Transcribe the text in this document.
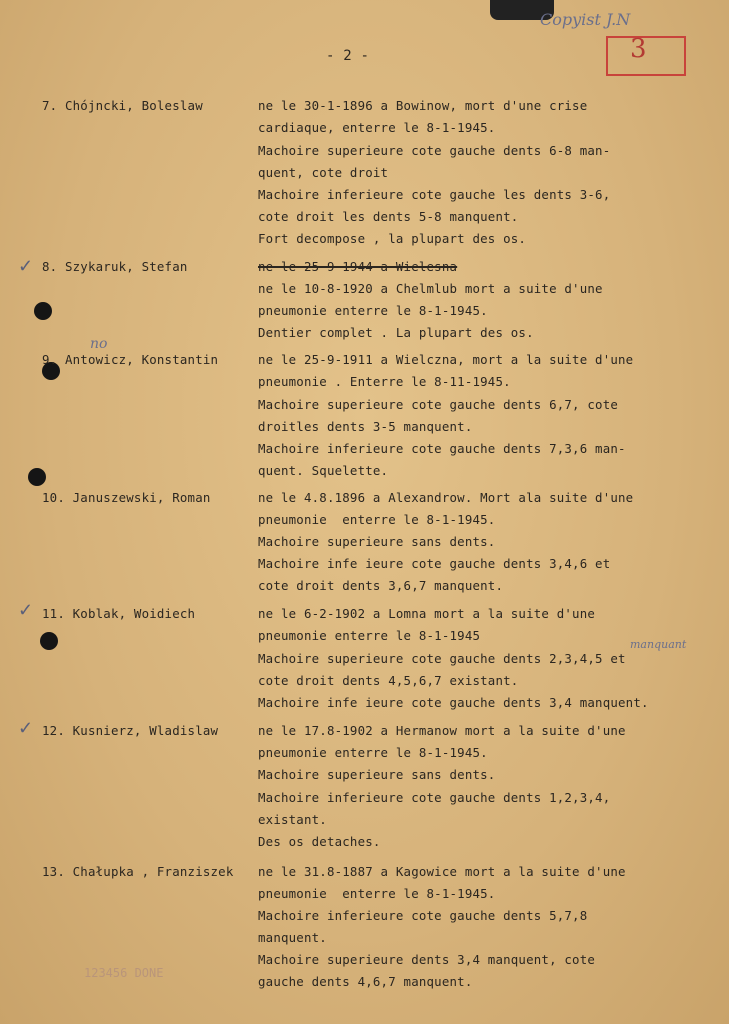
Copyist J.N
3
- 2 -
✓
✓
✓
no
manquant
7. Chójncki, Boleslaw	ne le 30-1-1896 a Bowinow, mort d'une crise
cardiaque, enterre le 8-1-1945.
Machoire superieure cote gauche dents 6-8 man-
quent, cote droit
Machoire inferieure cote gauche les dents 3-6,
cote droit les dents 5-8 manquent.
Fort decompose , la plupart des os.
8. Szykaruk, Stefan	ne le 25-9-1944 a Wielesna
ne le 10-8-1920 a Chelmlub mort a suite d'une
pneumonie enterre le 8-1-1945.
Dentier complet . La plupart des os.
9. Antowicz, Konstantin	ne le 25-9-1911 a Wielczna, mort a la suite d'une
pneumonie . Enterre le 8-11-1945.
Machoire superieure cote gauche dents 6,7, cote
droitles dents 3-5 manquent.
Machoire inferieure cote gauche dents 7,3,6 man-
quent. Squelette.
10. Januszewski, Roman	ne le 4.8.1896 a Alexandrow. Mort ala suite d'une
pneumonie  enterre le 8-1-1945.
Machoire superieure sans dents.
Machoire infe ieure cote gauche dents 3,4,6 et
cote droit dents 3,6,7 manquent.
11. Koblak, Woidiech	ne le 6-2-1902 a Lomna mort a la suite d'une
pneumonie enterre le 8-1-1945
Machoire superieure cote gauche dents 2,3,4,5 et
cote droit dents 4,5,6,7 existant.
Machoire infe ieure cote gauche dents 3,4 manquent.
12. Kusnierz, Wladislaw	ne le 17.8-1902 a Hermanow mort a la suite d'une
pneumonie enterre le 8-1-1945.
Machoire superieure sans dents.
Machoire inferieure cote gauche dents 1,2,3,4,
existant.
Des os detaches.
13. Chałupka , Franziszek ne le 31.8-1887 a Kagowice mort a la suite d'une
pneumonie  enterre le 8-1-1945.
Machoire inferieure cote gauche dents 5,7,8
manquent.
Machoire superieure dents 3,4 manquent, cote
gauche dents 4,6,7 manquent.
123456 DONE
